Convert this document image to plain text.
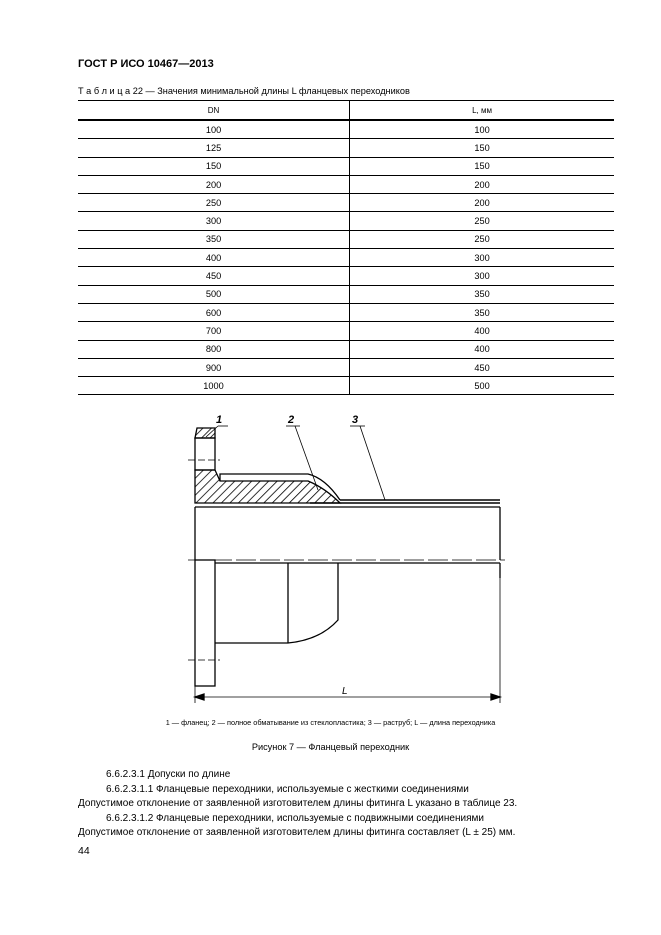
ГОСТ Р ИСО 10467—2013
Т а б л и ц а 22 — Значения минимальной длины L фланцевых переходников
DN	L, мм
100	100
125	150
150	150
200	200
250	200
300	250
350	250
400	300
450	300
500	350
600	350
700	400
800	400
900	450
1000	500
1	2	3
L
1 — фланец; 2 — полное обматывание из стеклопластика; 3 — раструб; L — длина переходника
Рисунок 7 — Фланцевый переходник

6.6.2.3.1 Допуски по длине

6.6.2.3.1.1 Фланцевые переходники, используемые с жесткими соединениями

Допустимое отклонение от заявленной изготовителем длины фитинга L указано в таблице 23.

6.6.2.3.1.2 Фланцевые переходники, используемые с подвижными соединениями

Допустимое отклонение от заявленной изготовителем длины фитинга составляет (L ± 25) мм.

44
